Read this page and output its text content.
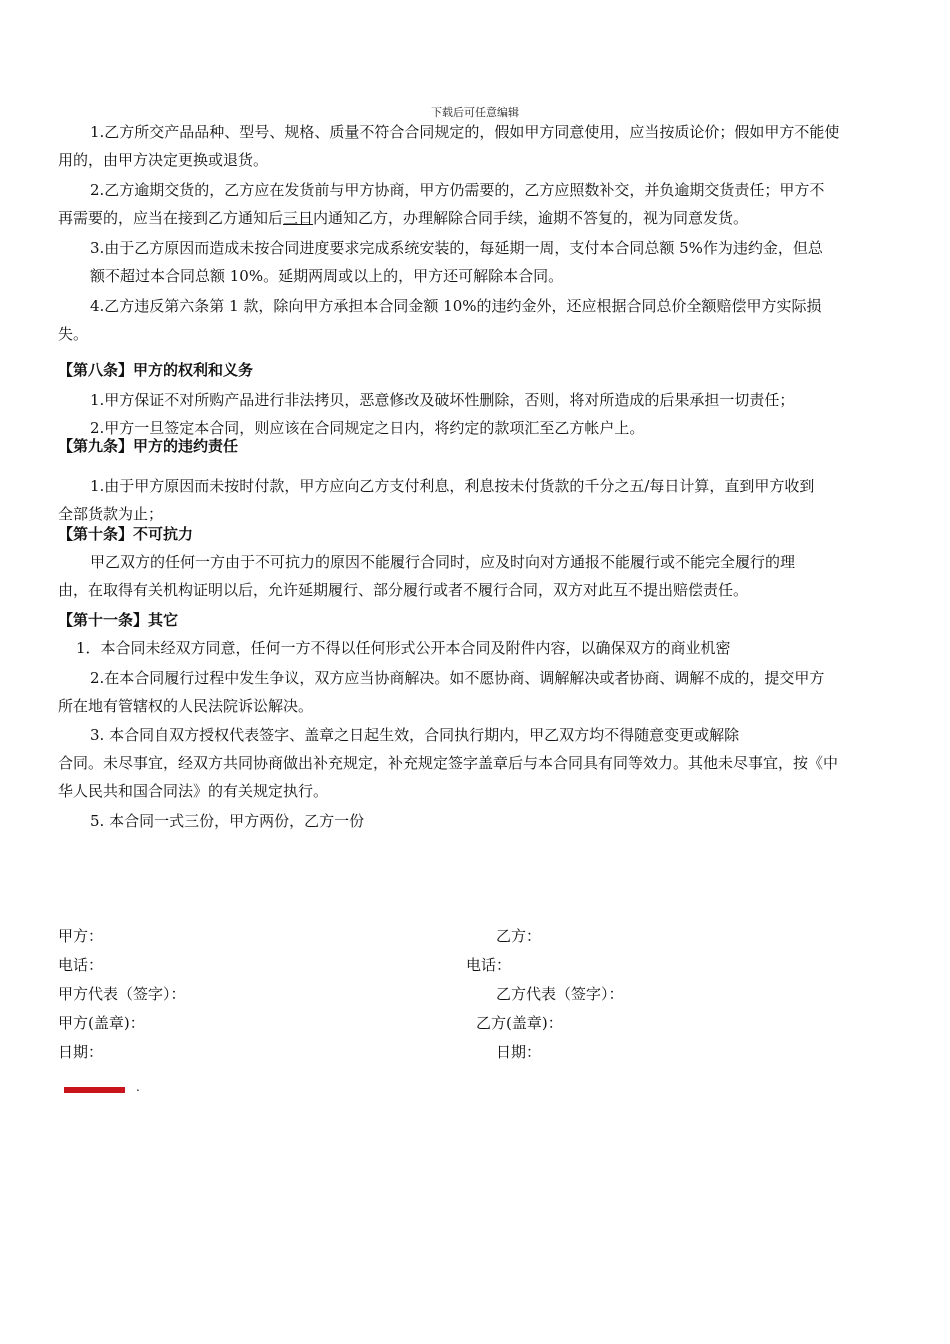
下载后可任意编辑
1.乙方所交产品品种、型号、规格、质量不符合合同规定的，假如甲方同意使用，应当按质论价；假如甲方不能使
用的，由甲方决定更换或退货。
2.乙方逾期交货的，乙方应在发货前与甲方协商，甲方仍需要的，乙方应照数补交，并负逾期交货责任；甲方不
再需要的，应当在接到乙方通知后三日内通知乙方，办理解除合同手续，逾期不答复的，视为同意发货。
3.由于乙方原因而造成未按合同进度要求完成系统安装的，每延期一周，支付本合同总额 5%作为违约金，但总
额不超过本合同总额 10%。延期两周或以上的，甲方还可解除本合同。
4.乙方违反第六条第 1 款，除向甲方承担本合同金额 10%的违约金外，还应根据合同总价全额赔偿甲方实际损
失。
【第八条】甲方的权利和义务
1.甲方保证不对所购产品进行非法拷贝，恶意修改及破坏性删除，否则，将对所造成的后果承担一切责任；
2.甲方一旦签定本合同，则应该在合同规定之日内，将约定的款项汇至乙方帐户上。
【第九条】甲方的违约责任
1.由于甲方原因而未按时付款，甲方应向乙方支付利息，利息按未付货款的千分之五/每日计算，直到甲方收到
全部货款为止；
【第十条】不可抗力
甲乙双方的任何一方由于不可抗力的原因不能履行合同时，应及时向对方通报不能履行或不能完全履行的理
由，在取得有关机构证明以后，允许延期履行、部分履行或者不履行合同，双方对此互不提出赔偿责任。
【第十一条】其它
1．本合同未经双方同意，任何一方不得以任何形式公开本合同及附件内容，以确保双方的商业机密
2.在本合同履行过程中发生争议，双方应当协商解决。如不愿协商、调解解决或者协商、调解不成的，提交甲方
所在地有管辖权的人民法院诉讼解决。
3. 本合同自双方授权代表签字、盖章之日起生效，合同执行期内，甲乙双方均不得随意变更或解除
合同。未尽事宜，经双方共同协商做出补充规定，补充规定签字盖章后与本合同具有同等效力。其他未尽事宜，按《中
华人民共和国合同法》的有关规定执行。
5. 本合同一式三份，甲方两份，乙方一份
甲方：	乙方：
电话：	电话：
甲方代表（签字）：	乙方代表（签字）：
甲方(盖章)：	乙方(盖章)：
日期：	日期：
.
